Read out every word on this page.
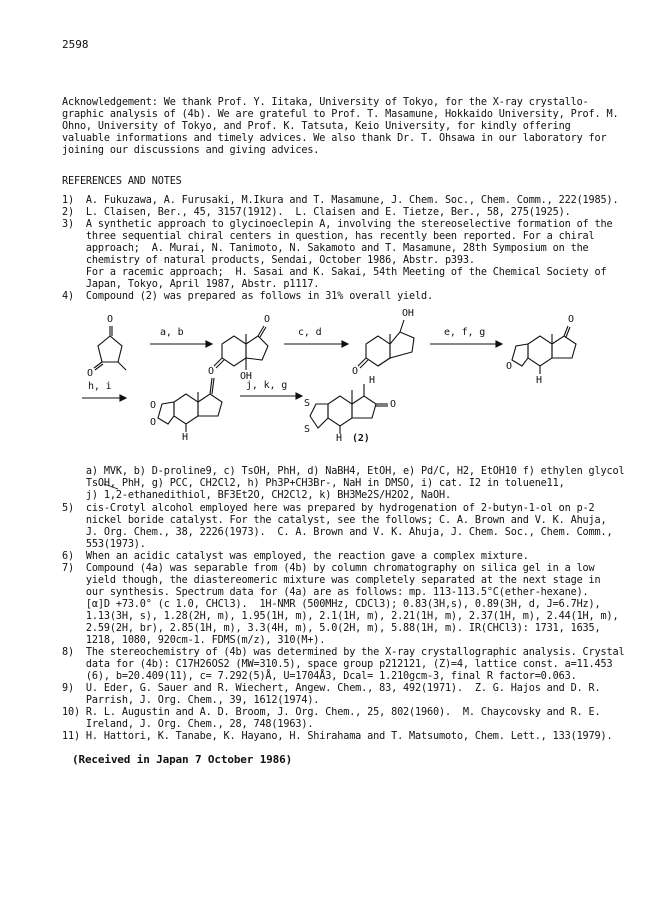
2598
Acknowledgement: We thank Prof. Y. Iitaka, University of Tokyo, for the X-ray crystallo-
graphic analysis of (4b). We are grateful to Prof. T. Masamune, Hokkaido University, Prof. M.
Ohno, University of Tokyo, and Prof. K. Tatsuta, Keio University, for kindly offering
valuable informations and timely advices. We also thank Dr. T. Ohsawa in our laboratory for
joining our discussions and giving advices.
REFERENCES AND NOTES
1)  A. Fukuzawa, A. Furusaki, M.Ikura and T. Masamune, J. Chem. Soc., Chem. Comm., 222(1985).
2)  L. Claisen, Ber., 45, 3157(1912).  L. Claisen and E. Tietze, Ber., 58, 275(1925).
3)  A synthetic approach to glycinoeclepin A, involving the stereoselective formation of the
three sequential chiral centers in question, has recently been reported. For a chiral
approach;  A. Murai, N. Tanimoto, N. Sakamoto and T. Masamune, 28th Symposium on the
chemistry of natural products, Sendai, October 1986, Abstr. p393.
For a racemic approach;  H. Sasai and K. Sakai, 54th Meeting of the Chemical Society of
Japan, Tokyo, April 1987, Abstr. p1117.
4)  Compound (2) was prepared as follows in 31% overall yield.
a, b	c, d	e, f, g
h, i	j, k, g
O
O
O
O	OH
OH
O
O
O
H
O
O
H
S
S
H
O
H (2)
a) MVK, b) D-proline9, c) TsOH, PhH, d) NaBH4, EtOH, e) Pd/C, H2, EtOH10 f) ethylen glycol
TsOH, PhH, g) PCC, CH2Cl2, h) Ph3P+CH3Br-, NaH in DMSO, i) cat. I2 in toluene11,
j) 1,2-ethanedithiol, BF3Et2O, CH2Cl2, k) BH3Me2S/H2O2, NaOH.
5)  cis-Crotyl alcohol employed here was prepared by hydrogenation of 2-butyn-1-ol on p-2
nickel boride catalyst. For the catalyst, see the follows; C. A. Brown and V. K. Ahuja,
J. Org. Chem., 38, 2226(1973).  C. A. Brown and V. K. Ahuja, J. Chem. Soc., Chem. Comm.,
553(1973).
6)  When an acidic catalyst was employed, the reaction gave a complex mixture.
7)  Compound (4a) was separable from (4b) by column chromatography on silica gel in a low
yield though, the diastereomeric mixture was completely separated at the next stage in
our synthesis. Spectrum data for (4a) are as follows: mp. 113-113.5°C(ether-hexane).
[α]D +73.0° (c 1.0, CHCl3).  1H-NMR (500MHz, CDCl3); 0.83(3H,s), 0.89(3H, d, J=6.7Hz),
1.13(3H, s), 1.28(2H, m), 1.95(1H, m), 2.1(1H, m), 2.21(1H, m), 2.37(1H, m), 2.44(1H, m),
2.59(2H, br), 2.85(1H, m), 3.3(4H, m), 5.0(2H, m), 5.88(1H, m). IR(CHCl3): 1731, 1635,
1218, 1080, 920cm-1. FDMS(m/z), 310(M+).
8)  The stereochemistry of (4b) was determined by the X-ray crystallographic analysis. Crystal
data for (4b): C17H26OS2 (MW=310.5), space group p212121, (Z)=4, lattice const. a=11.453
(6), b=20.409(11), c= 7.292(5)Å, U=1704Å3, Dcal= 1.210gcm-3, final R factor=0.063.
9)  U. Eder, G. Sauer and R. Wiechert, Angew. Chem., 83, 492(1971).  Z. G. Hajos and D. R.
Parrish, J. Org. Chem., 39, 1612(1974).
10) R. L. Augustin and A. D. Broom, J. Org. Chem., 25, 802(1960).  M. Chaycovsky and R. E.
Ireland, J. Org. Chem., 28, 748(1963).
11) H. Hattori, K. Tanabe, K. Hayano, H. Shirahama and T. Matsumoto, Chem. Lett., 133(1979).
(Received in Japan 7 October 1986)
